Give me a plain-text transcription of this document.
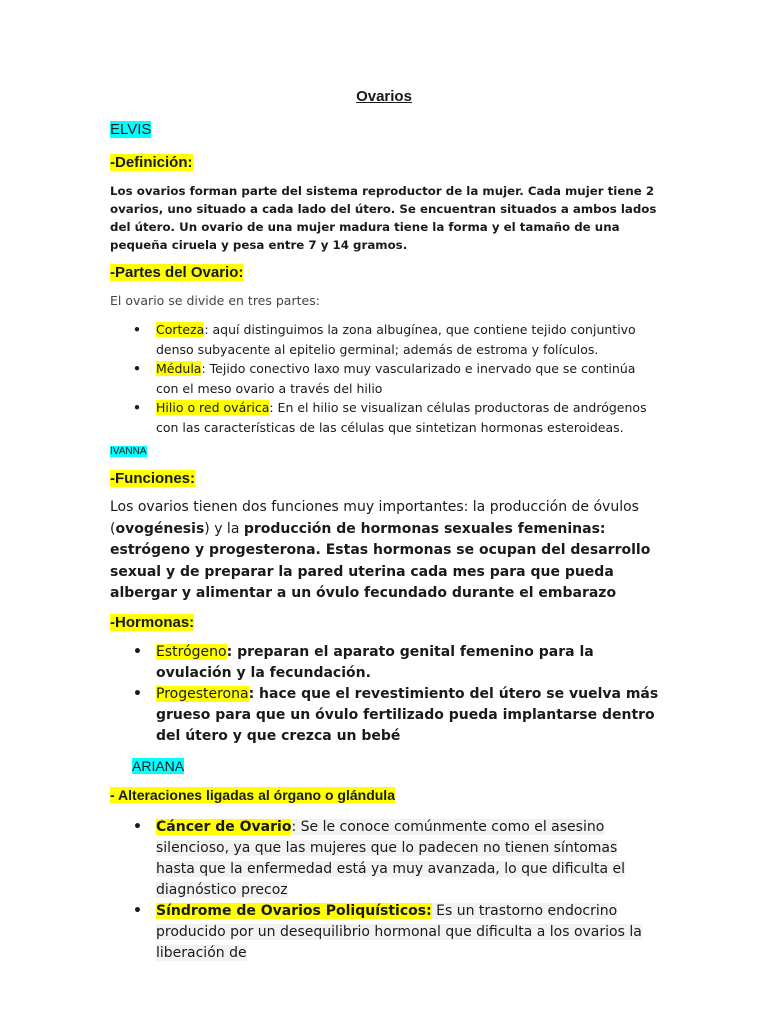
Ovarios
ELVIS
-Definición:
Los ovarios forman parte del sistema reproductor de la mujer. Cada mujer tiene 2 ovarios, uno situado a cada lado del útero. Se encuentran situados a ambos lados del útero. Un ovario de una mujer madura tiene la forma y el tamaño de una pequeña ciruela y pesa entre 7 y 14 gramos.
-Partes del Ovario:
El ovario se divide en tres partes:
• Corteza: aquí distinguimos la zona albugínea, que contiene tejido conjuntivo denso subyacente al epitelio germinal; además de estroma y folículos.
• Médula: Tejido conectivo laxo muy vascularizado e inervado que se continúa con el meso ovario a través del hilio
• Hilio o red ovárica: En el hilio se visualizan células productoras de andrógenos con las características de las células que sintetizan hormonas esteroideas.
IVANNA
-Funciones:
Los ovarios tienen dos funciones muy importantes: la producción de óvulos (ovogénesis) y la producción de hormonas sexuales femeninas: estrógeno y progesterona. Estas hormonas se ocupan del desarrollo sexual y de preparar la pared uterina cada mes para que pueda albergar y alimentar a un óvulo fecundado durante el embarazo
-Hormonas:
• Estrógeno: preparan el aparato genital femenino para la ovulación y la fecundación.
• Progesterona: hace que el revestimiento del útero se vuelva más grueso para que un óvulo fertilizado pueda implantarse dentro del útero y que crezca un bebé
ARIANA
- Alteraciones ligadas al órgano o glándula
• Cáncer de Ovario: Se le conoce comúnmente como el asesino silencioso, ya que las mujeres que lo padecen no tienen síntomas hasta que la enfermedad está ya muy avanzada, lo que dificulta el diagnóstico precoz
• Síndrome de Ovarios Poliquísticos: Es un trastorno endocrino producido por un desequilibrio hormonal que dificulta a los ovarios la liberación de
